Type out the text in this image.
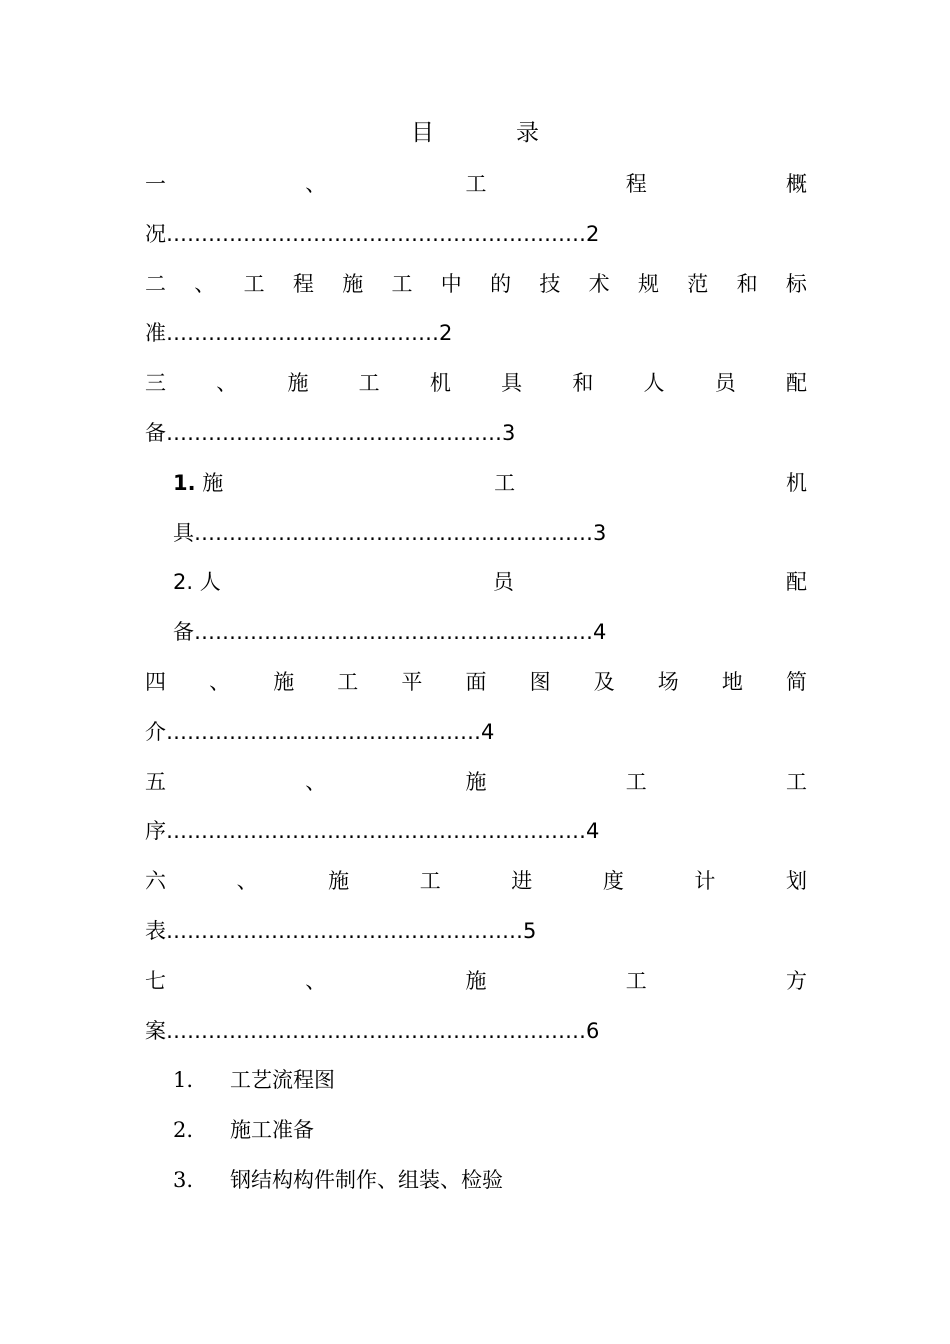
目录
一	、	工	程	概
况……………………………………………………2
二 、 工 程 施 工 中 的 技 术 规 范 和 标
准…………………………………2
三 、 施 工 机 具 和 人 员 配
备…………………………………………3
1. 施	工	机
具…………………………………………………3
2. 人	员	配
备…………………………………………………4
四 、 施 工 平 面 图 及 场 地 简
介………………………………………4
五	、	施	工	工
序……………………………………………………4
六	、	施	工	进	度	计	划
表……………………………………………5
七	、	施	工	方
案……………………………………………………6
1.	工艺流程图
2.	施工准备
3.	钢结构构件制作、组装、检验
